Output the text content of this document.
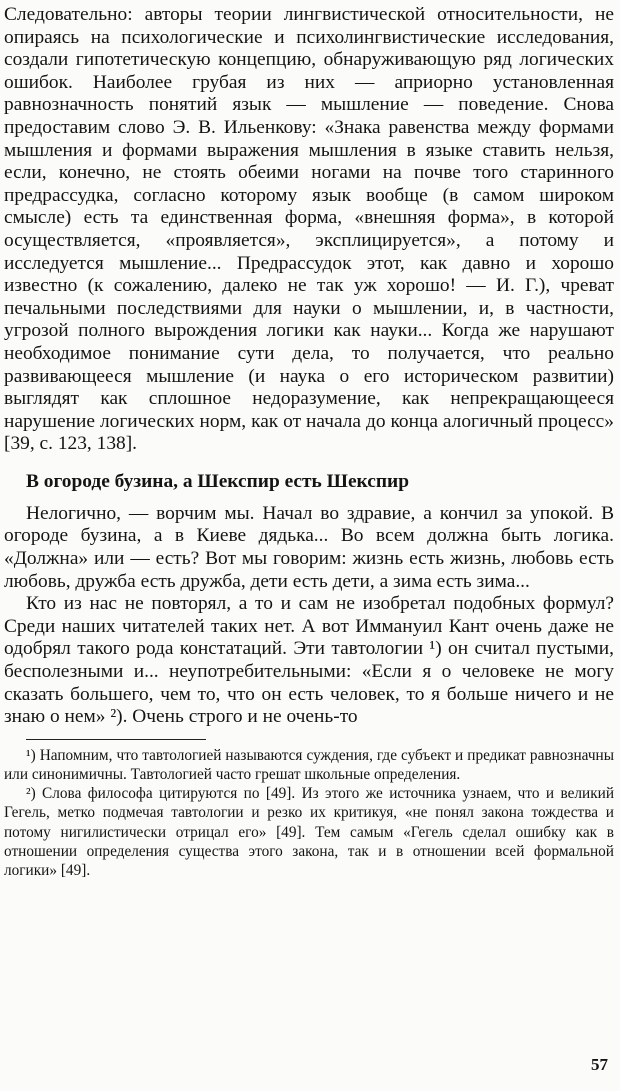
Следовательно: авторы теории лингвистической относительности, не опираясь на психологические и психолингвистические исследования, создали гипотетическую концепцию, обнаруживающую ряд логических ошибок. Наиболее грубая из них — априорно установленная равнозначность понятий язык — мышление — поведение. Снова предоставим слово Э. В. Ильенкову: «Знака равенства между формами мышления и формами выражения мышления в языке ставить нельзя, если, конечно, не стоять обеими ногами на почве того старинного предрассудка, согласно которому язык вообще (в самом широком смысле) есть та единственная форма, «внешняя форма», в которой осуществляется, «проявляется», эксплицируется», а потому и исследуется мышление... Предрассудок этот, как давно и хорошо известно (к сожалению, далеко не так уж хорошо! — И. Г.), чреват печальными последствиями для науки о мышлении, и, в частности, угрозой полного вырождения логики как науки... Когда же нарушают необходимое понимание сути дела, то получается, что реально развивающееся мышление (и наука о его историческом развитии) выглядят как сплошное недоразумение, как непрекращающееся нарушение логических норм, как от начала до конца алогичный процесс» [39, с. 123, 138].

В огороде бузина, а Шекспир есть Шекспир

Нелогично, — ворчим мы. Начал во здравие, а кончил за упокой. В огороде бузина, а в Киеве дядька... Во всем должна быть логика. «Должна» или — есть? Вот мы говорим: жизнь есть жизнь, любовь есть любовь, дружба есть дружба, дети есть дети, а зима есть зима...

Кто из нас не повторял, а то и сам не изобретал подобных формул? Среди наших читателей таких нет. А вот Иммануил Кант очень даже не одобрял такого рода констатаций. Эти тавтологии ¹) он считал пустыми, бесполезными и... неупотребительными: «Если я о человеке не могу сказать большего, чем то, что он есть человек, то я больше ничего и не знаю о нем» ²). Очень строго и не очень-то

¹) Напомним, что тавтологией называются суждения, где субъект и предикат равнозначны или синонимичны. Тавтологией часто грешат школьные определения.

²) Слова философа цитируются по [49]. Из этого же источника узнаем, что и великий Гегель, метко подмечая тавтологии и резко их критикуя, «не понял закона тождества и потому нигилистически отрицал его» [49]. Тем самым «Гегель сделал ошибку как в отношении определения существа этого закона, так и в отношении всей формальной логики» [49].

57
